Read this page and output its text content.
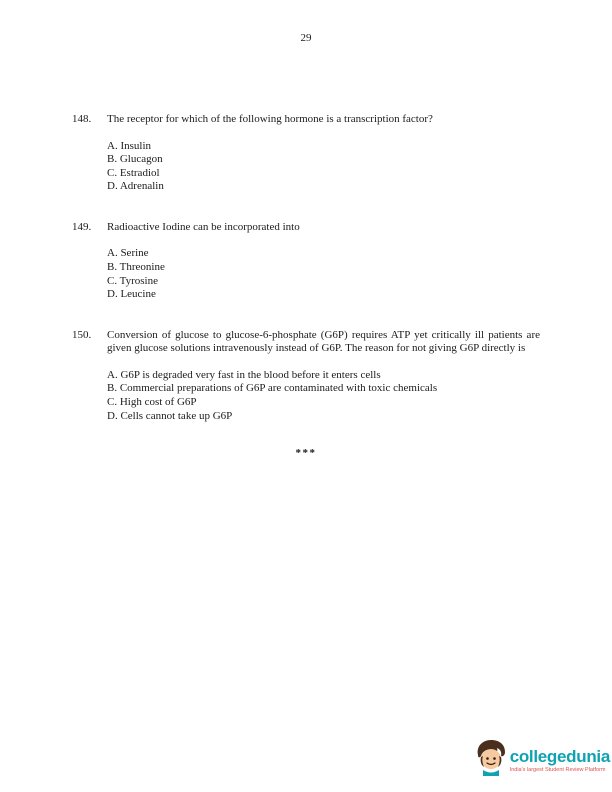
29
148.	The receptor for which of the following hormone is a transcription factor?

A. Insulin
B. Glucagon
C. Estradiol
D. Adrenalin
149.	Radioactive Iodine can be incorporated into

A. Serine
B. Threonine
C. Tyrosine
D. Leucine
150.	Conversion of glucose to glucose-6-phosphate (G6P) requires ATP yet critically ill patients are given glucose solutions intravenously instead of G6P. The reason for not giving G6P directly is

A. G6P is degraded very fast in the blood before it enters cells
B. Commercial preparations of G6P are contaminated with toxic chemicals
C. High cost of G6P
D. Cells cannot take up G6P
***
collegedunia
India's largest Student Review Platform
